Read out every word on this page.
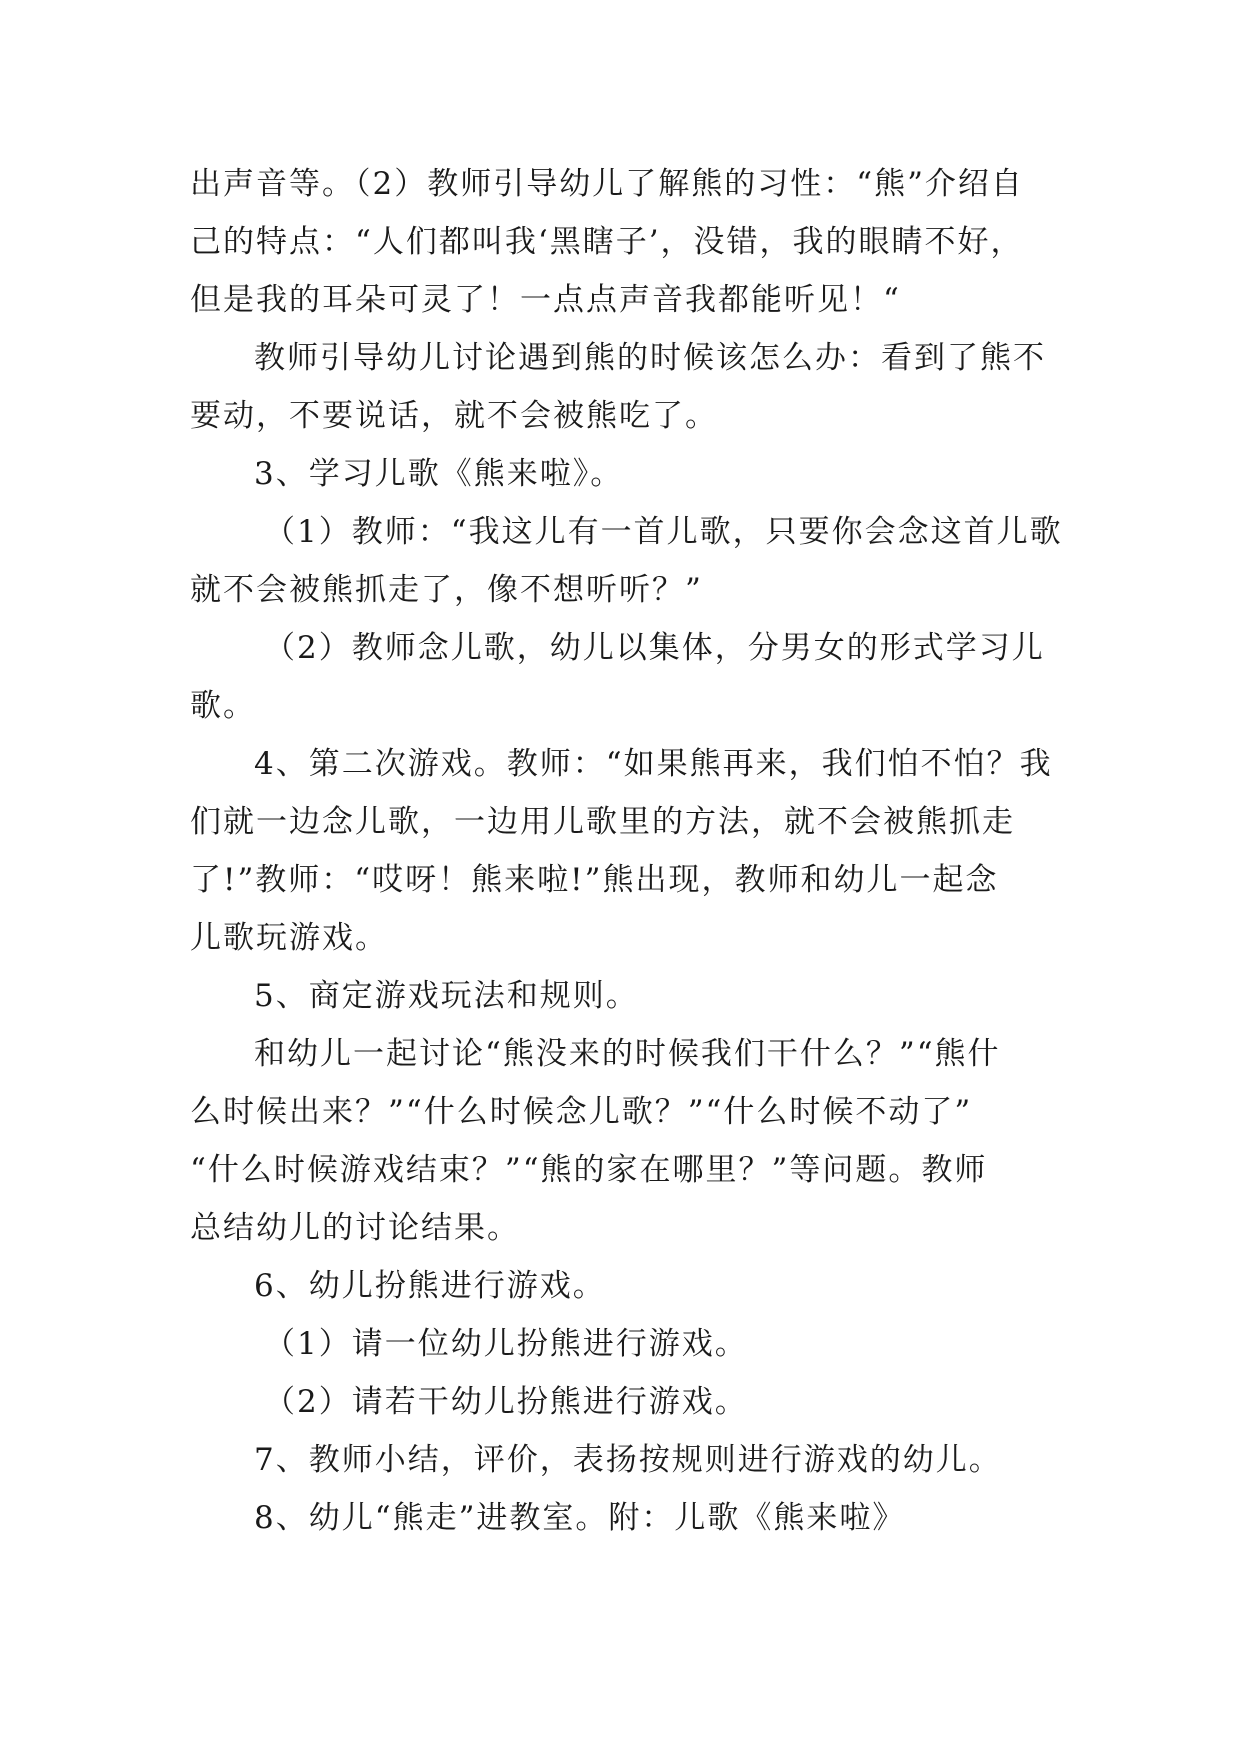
出声音等。（2）教师引导幼儿了解熊的习性：“熊”介绍自
己的特点：“人们都叫我‘黑瞎子’，没错，我的眼睛不好，
但是我的耳朵可灵了！一点点声音我都能听见！“
教师引导幼儿讨论遇到熊的时候该怎么办：看到了熊不
要动，不要说话，就不会被熊吃了。
3、学习儿歌《熊来啦》。
（1）教师：“我这儿有一首儿歌，只要你会念这首儿歌
就不会被熊抓走了，像不想听听？”
（2）教师念儿歌，幼儿以集体，分男女的形式学习儿
歌。
4、第二次游戏。教师：“如果熊再来，我们怕不怕？我
们就一边念儿歌，一边用儿歌里的方法，就不会被熊抓走
了!”教师：“哎呀！熊来啦!”熊出现，教师和幼儿一起念
儿歌玩游戏。
5、商定游戏玩法和规则。
和幼儿一起讨论“熊没来的时候我们干什么？”“熊什
么时候出来？”“什么时候念儿歌？”“什么时候不动了”
“什么时候游戏结束？”“熊的家在哪里？”等问题。教师
总结幼儿的讨论结果。
6、幼儿扮熊进行游戏。
（1）请一位幼儿扮熊进行游戏。
（2）请若干幼儿扮熊进行游戏。
7、教师小结，评价，表扬按规则进行游戏的幼儿。
8、幼儿“熊走”进教室。附：儿歌《熊来啦》
